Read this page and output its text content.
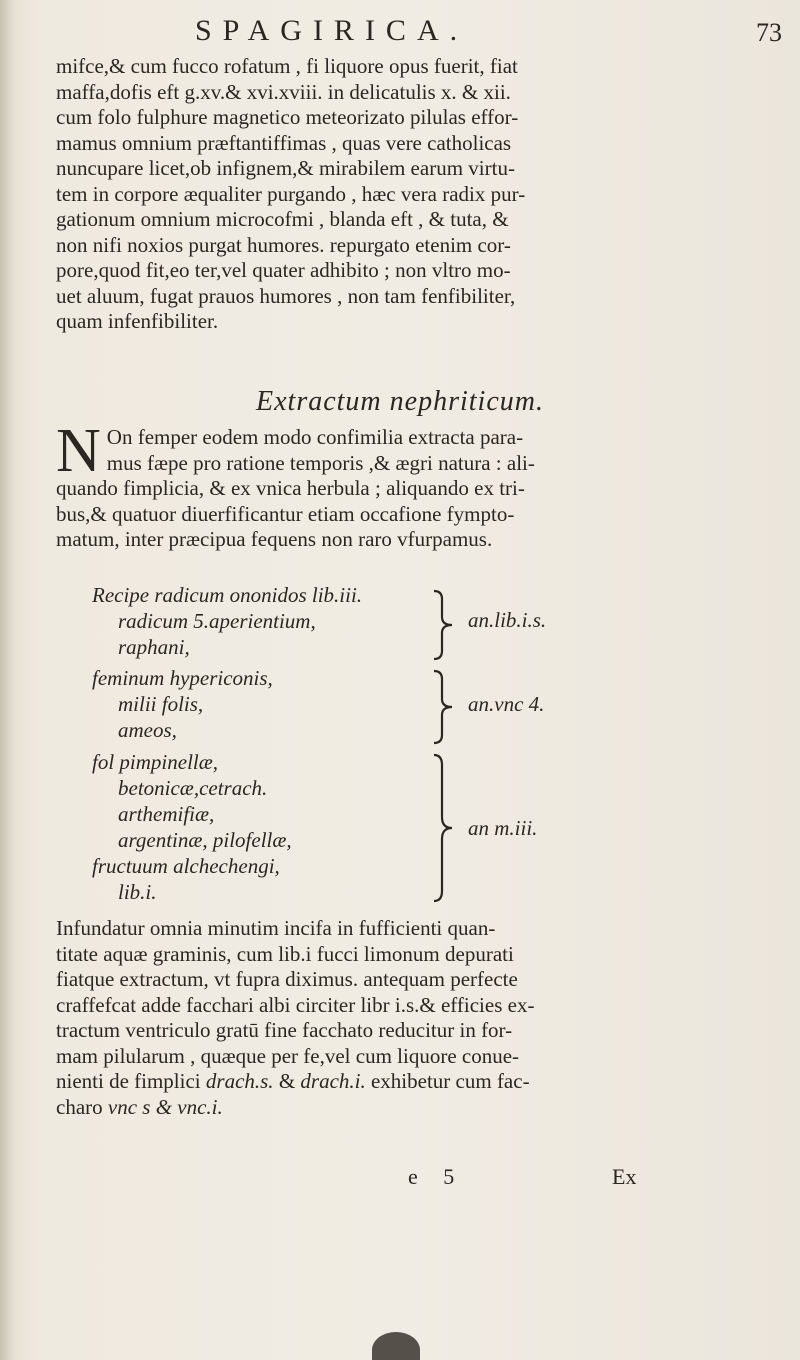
SPAGIRICA.	73
mifce,& cum fucco rofatum , fi liquore opus fuerit, fiat
maffa,dofis eft g.xv.& xvi.xviii. in delicatulis x. & xii.
cum folo fulphure magnetico meteorizato pilulas effor-
mamus omnium præftantiffimas , quas vere catholicas
nuncupare licet,ob infignem,& mirabilem earum virtu-
tem in corpore æqualiter purgando , hæc vera radix pur-
gationum omnium microcofmi , blanda eft , & tuta, &
non nifi noxios purgat humores. repurgato etenim cor-
pore,quod fit,eo ter,vel quater adhibito ; non vltro mo-
uet aluum, fugat prauos humores , non tam fenfibiliter,
quam infenfibiliter.
Extractum nephriticum.
N On femper eodem modo confimilia extracta para-
mus fæpe pro ratione temporis ,& ægri natura : ali-
quando fimplicia, & ex vnica herbula ; aliquando ex tri-
bus,& quatuor diuerfificantur etiam occafione fympto-
matum, inter præcipua fequens non raro vfurpamus.
Recipe radicum ononidos lib.iii.
radicum 5.aperientium,
raphani,
feminum hypericonis,
milii folis,
ameos,
fol pimpinellæ,
betonicæ,cetrach.
arthemifiæ,
argentinæ, pilofellæ,
fructuum alchechengi,
lib.i.
an.lib.i.s.
an.vnc 4.
an m.iii.

Infundatur omnia minutim incifa in fufficienti quan-

titate aquæ graminis, cum lib.i fucci limonum depurati

fiatque extractum, vt fupra diximus. antequam perfecte

craffefcat adde facchari albi circiter libr i.s.& efficies ex-

tractum ventriculo gratū fine facchato reducitur in for-

mam pilularum , quæque per fe,vel cum liquore conue-

nienti de fimplici drach.s. & drach.i. exhibetur cum fac-

charo vnc s & vnc.i.

e 5	Ex
